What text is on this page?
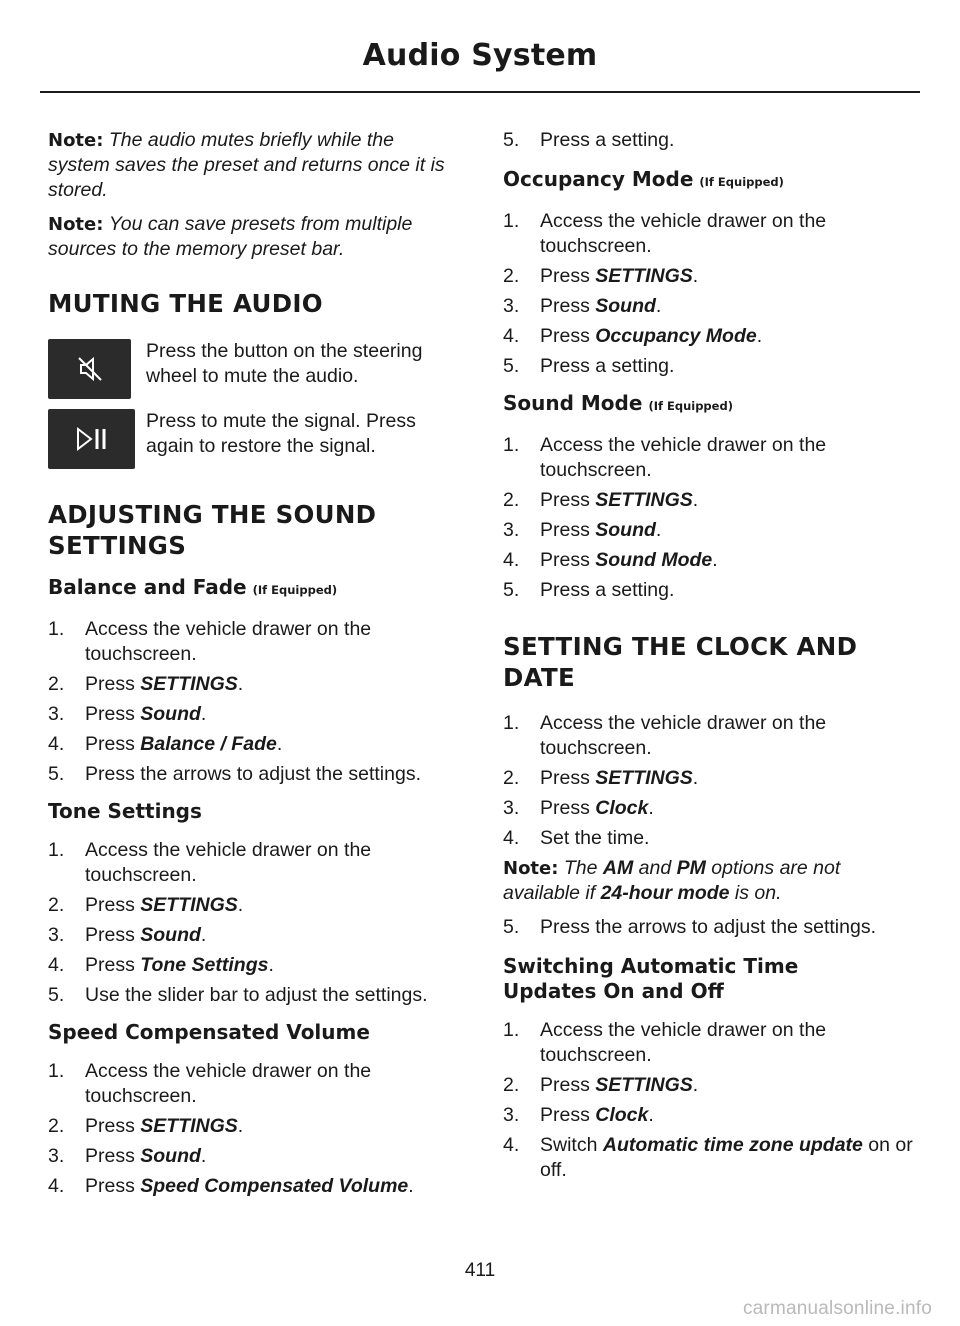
Audio System

Note: The audio mutes briefly while the system saves the preset and returns once it is stored.

Note: You can save presets from multiple sources to the memory preset bar.

MUTING THE AUDIO
Press the button on the steering wheel to mute the audio.
Press to mute the signal. Press again to restore the signal.
ADJUSTING THE SOUND SETTINGS
Balance and Fade (If Equipped)
1. Access the vehicle drawer on the touchscreen.
2. Press SETTINGS.
3. Press Sound.
4. Press Balance / Fade.
5. Press the arrows to adjust the settings.
Tone Settings
1. Access the vehicle drawer on the touchscreen.
2. Press SETTINGS.
3. Press Sound.
4. Press Tone Settings.
5. Use the slider bar to adjust the settings.
Speed Compensated Volume
1. Access the vehicle drawer on the touchscreen.
2. Press SETTINGS.
3. Press Sound.
4. Press Speed Compensated Volume.
5. Press a setting.
Occupancy Mode (If Equipped)
1. Access the vehicle drawer on the touchscreen.
2. Press SETTINGS.
3. Press Sound.
4. Press Occupancy Mode.
5. Press a setting.
Sound Mode (If Equipped)
1. Access the vehicle drawer on the touchscreen.
2. Press SETTINGS.
3. Press Sound.
4. Press Sound Mode.
5. Press a setting.
SETTING THE CLOCK AND DATE
1. Access the vehicle drawer on the touchscreen.
2. Press SETTINGS.
3. Press Clock.
4. Set the time.

Note: The AM and PM options are not available if 24-hour mode is on.

5. Press the arrows to adjust the settings.
Switching Automatic Time Updates On and Off
1. Access the vehicle drawer on the touchscreen.
2. Press SETTINGS.
3. Press Clock.
4. Switch Automatic time zone update on or off.
411
carmanualsonline.info
